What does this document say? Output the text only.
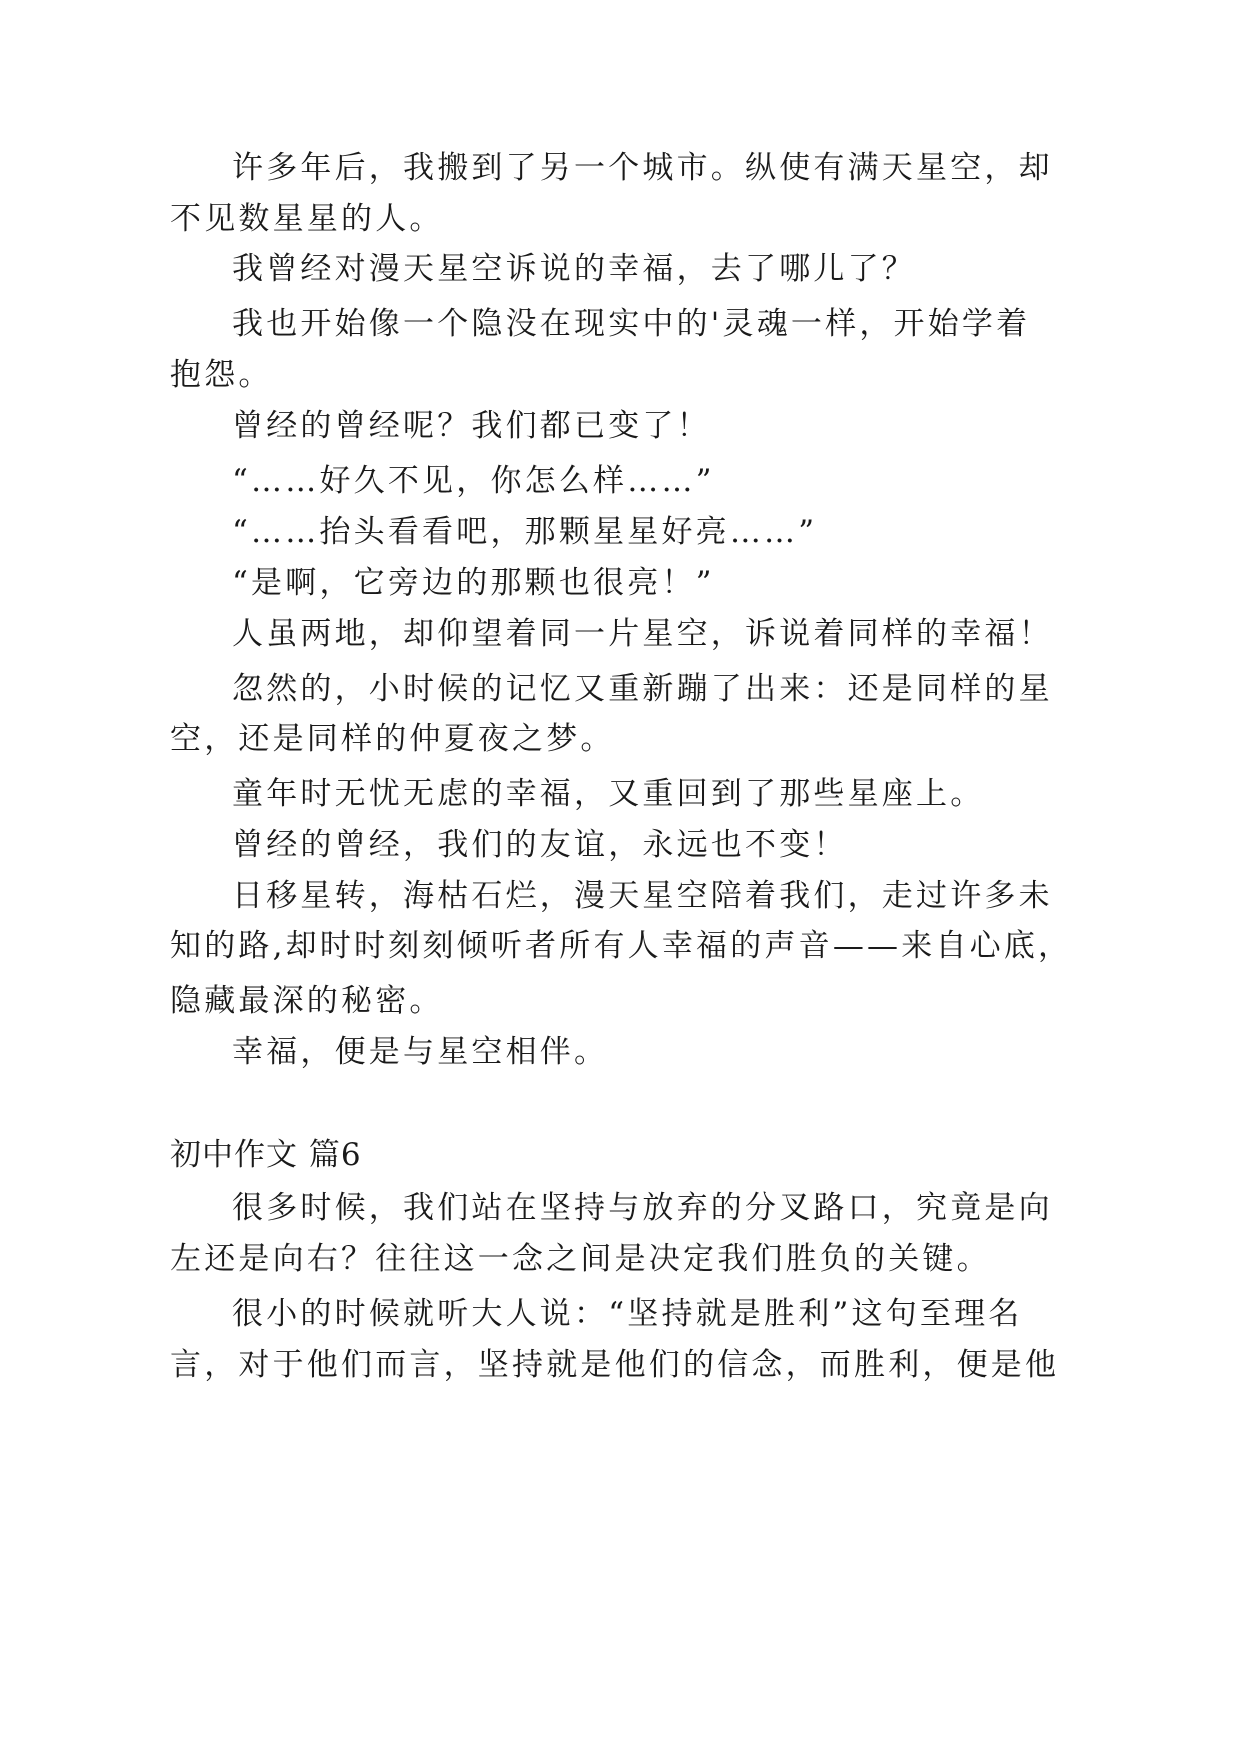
许多年后，我搬到了另一个城市。纵使有满天星空，却
不见数星星的人。
我曾经对漫天星空诉说的幸福，去了哪儿了？
我也开始像一个隐没在现实中的'灵魂一样，开始学着
抱怨。
曾经的曾经呢？我们都已变了！
“……好久不见，你怎么样……”
“……抬头看看吧，那颗星星好亮……”
“是啊，它旁边的那颗也很亮！”
人虽两地，却仰望着同一片星空，诉说着同样的幸福！
忽然的，小时候的记忆又重新蹦了出来：还是同样的星
空，还是同样的仲夏夜之梦。
童年时无忧无虑的幸福，又重回到了那些星座上。
曾经的曾经，我们的友谊，永远也不变！
日移星转，海枯石烂，漫天星空陪着我们，走过许多未
知的路,却时时刻刻倾听者所有人幸福的声音——来自心底，
隐藏最深的秘密。
幸福，便是与星空相伴。
初中作文 篇6
很多时候，我们站在坚持与放弃的分叉路口，究竟是向
左还是向右？往往这一念之间是决定我们胜负的关键。
很小的时候就听大人说：“坚持就是胜利”这句至理名
言，对于他们而言，坚持就是他们的信念，而胜利，便是他
